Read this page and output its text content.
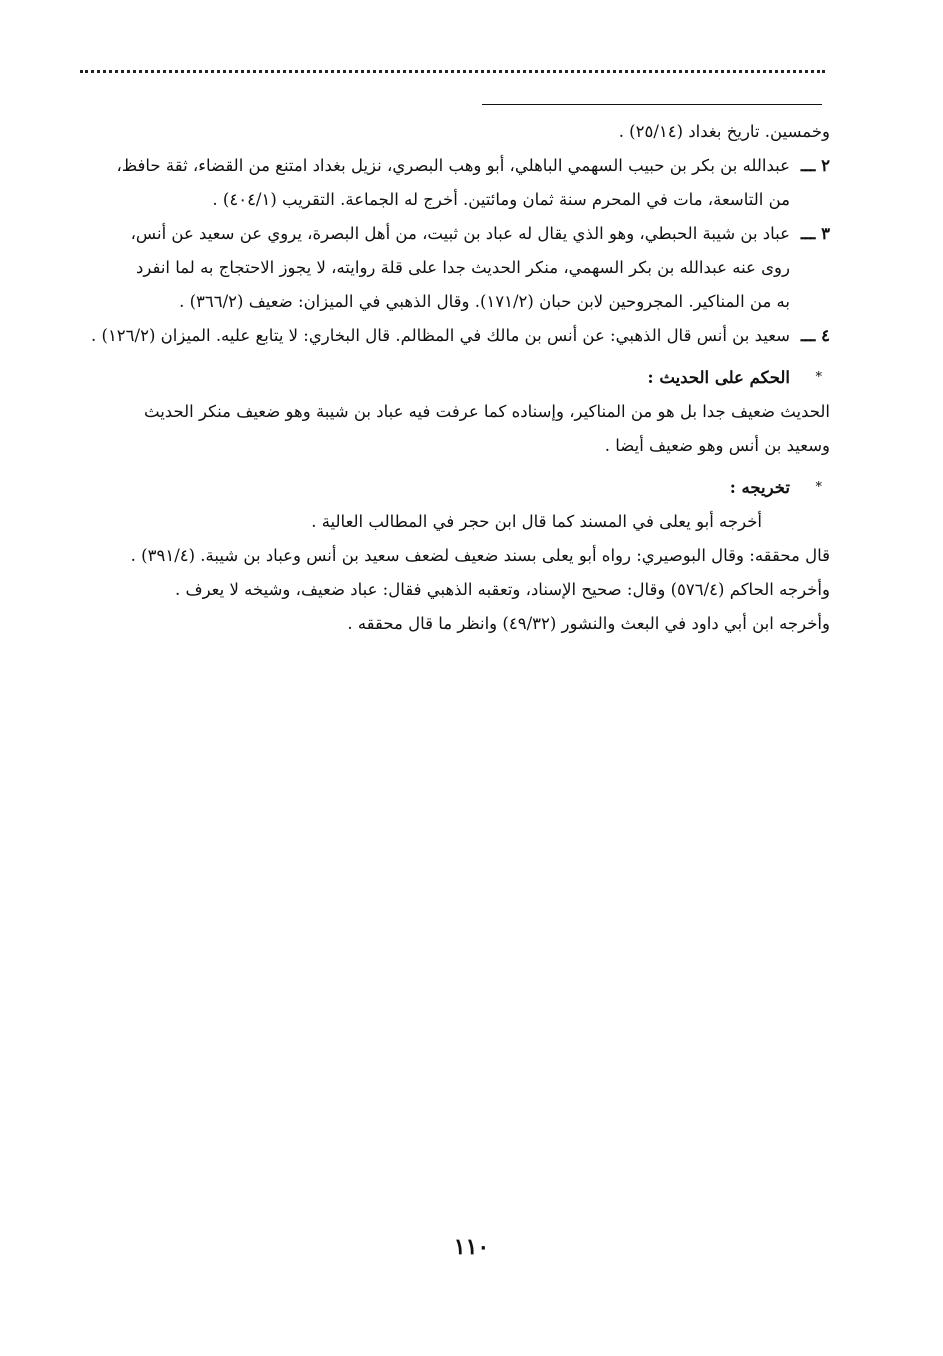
وخمسين. تاريخ بغداد (٢٥/١٤) .
٢ ـــ
عبدالله بن بكر بن حبيب السهمي الباهلي، أبو وهب البصري، نزيل بغداد امتنع من القضاء، ثقة حافظ،
من التاسعة، مات في المحرم سنة ثمان ومائتين. أخرج له الجماعة. التقريب (٤٠٤/١) .
٣ ـــ
عباد بن شيبة الحبطي، وهو الذي يقال له عباد بن ثبيت، من أهل البصرة، يروي عن سعيد عن أنس،
روى عنه عبدالله بن بكر السهمي، منكر الحديث جدا على قلة روايته، لا يجوز الاحتجاج به لما انفرد
به من المناكير. المجروحين لابن حبان (١٧١/٢). وقال الذهبي في الميزان: ضعيف (٣٦٦/٢) .
٤ ـــ
سعيد بن أنس قال الذهبي: عن أنس بن مالك في المظالم. قال البخاري: لا يتابع عليه. الميزان (١٢٦/٢) .
*
الحكم على الحديث :
الحديث ضعيف جدا بل هو من المناكير، وإسناده كما عرفت فيه عباد بن شيبة وهو ضعيف منكر الحديث
وسعيد بن أنس وهو ضعيف أيضا .
*
تخريجه :
أخرجه أبو يعلى في المسند كما قال ابن حجر في المطالب العالية .
قال محققه: وقال البوصيري: رواه أبو يعلى بسند ضعيف لضعف سعيد بن أنس وعباد بن شيبة. (٣٩١/٤) .
وأخرجه الحاكم (٥٧٦/٤) وقال: صحيح الإسناد، وتعقبه الذهبي فقال: عباد ضعيف، وشيخه لا يعرف .
وأخرجه ابن أبي داود في البعث والنشور (٤٩/٣٢) وانظر ما قال محققه .
١١٠
